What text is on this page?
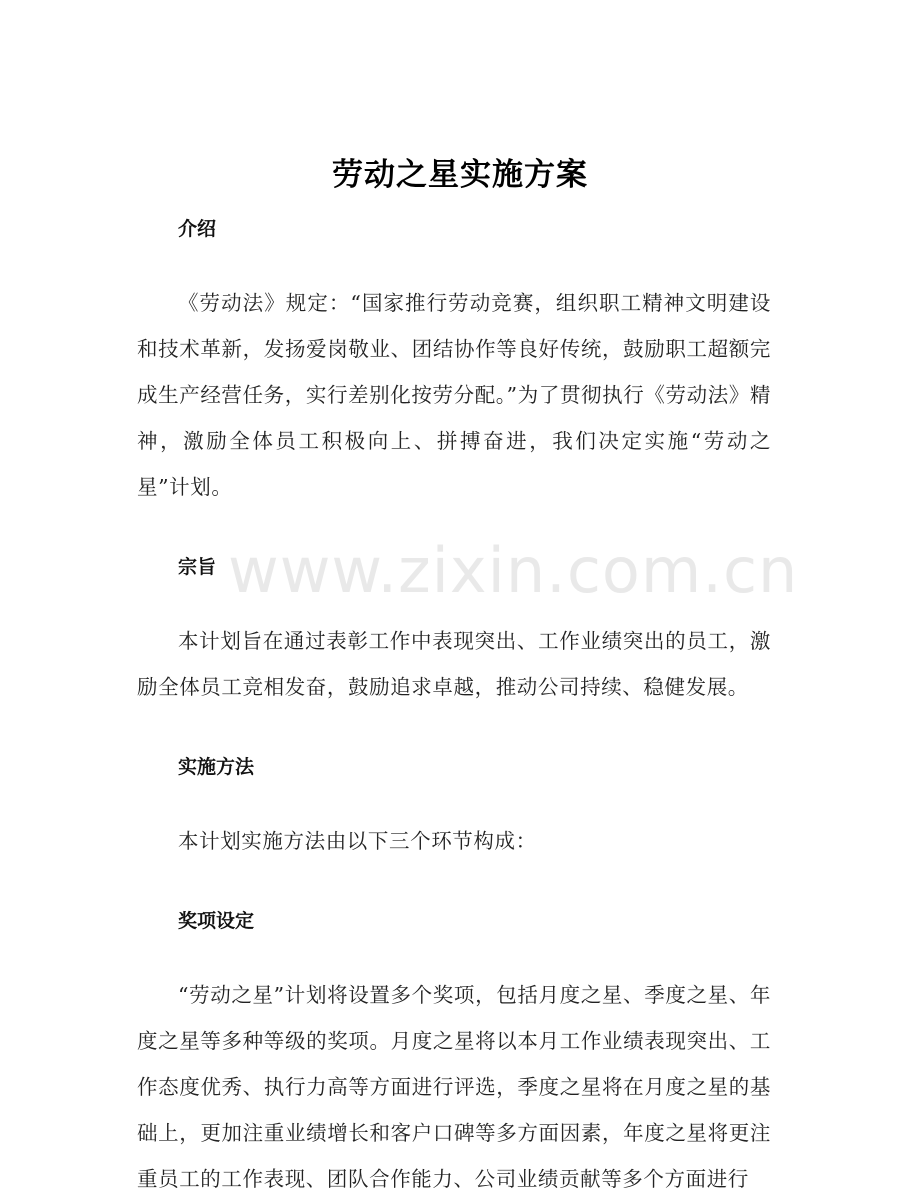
www.zixin.com.cn
劳动之星实施方案
介绍

《劳动法》规定：“国家推行劳动竞赛，组织职工精神文明建设和技术革新，发扬爱岗敬业、团结协作等良好传统，鼓励职工超额完成生产经营任务，实行差别化按劳分配。”为了贯彻执行《劳动法》精神，激励全体员工积极向上、拼搏奋进，我们决定实施“劳动之星”计划。

宗旨

本计划旨在通过表彰工作中表现突出、工作业绩突出的员工，激励全体员工竞相发奋，鼓励追求卓越，推动公司持续、稳健发展。

实施方法

本计划实施方法由以下三个环节构成：

奖项设定

“劳动之星”计划将设置多个奖项，包括月度之星、季度之星、年度之星等多种等级的奖项。月度之星将以本月工作业绩表现突出、工作态度优秀、执行力高等方面进行评选，季度之星将在月度之星的基础上，更加注重业绩增长和客户口碑等多方面因素，年度之星将更注重员工的工作表现、团队合作能力、公司业绩贡献等多个方面进行
